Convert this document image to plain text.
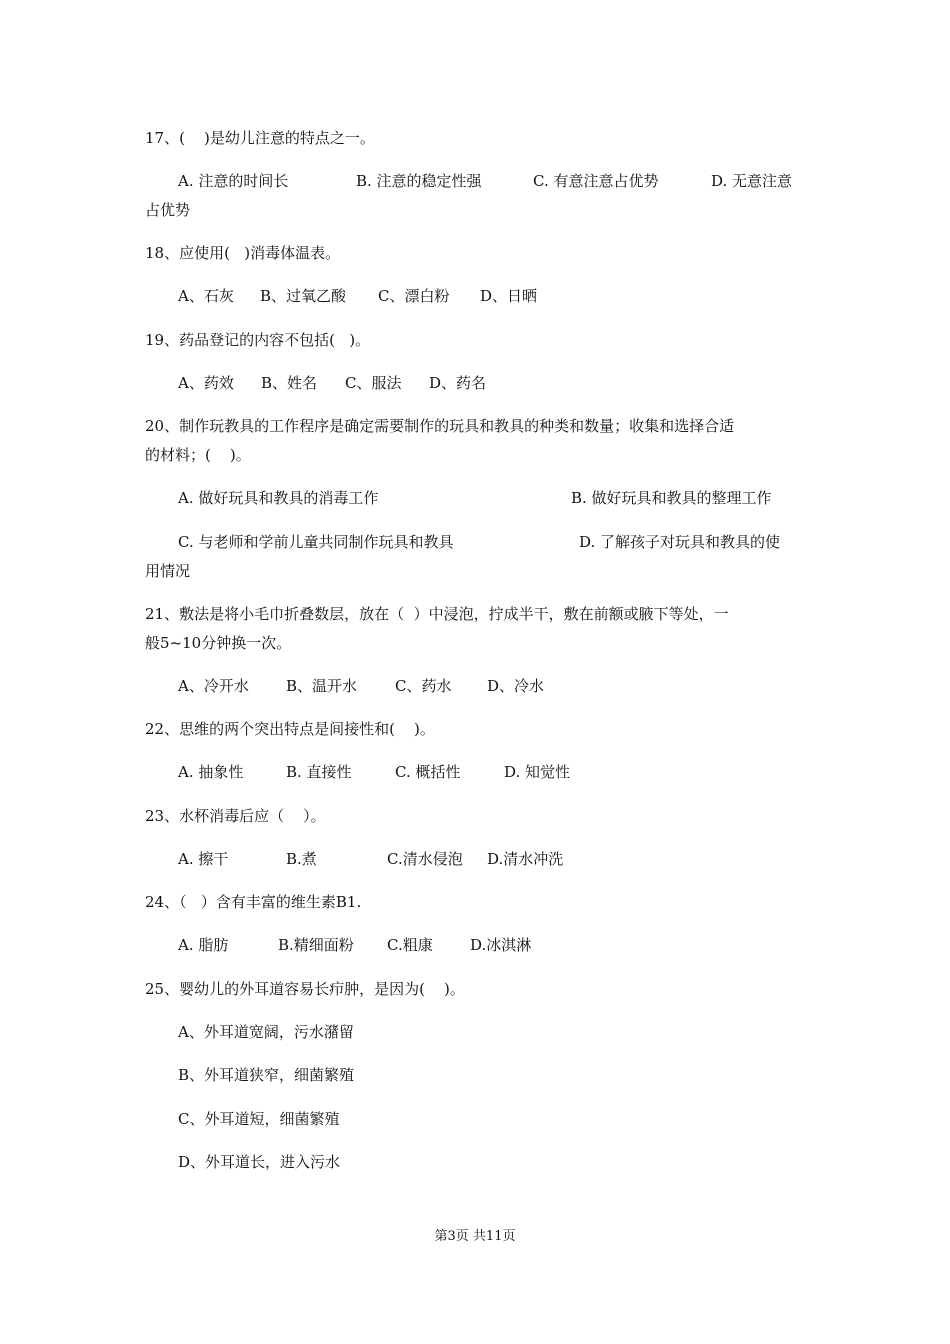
17、(    )是幼儿注意的特点之一。
A. 注意的时间长	B. 注意的稳定性强	C. 有意注意占优势	D. 无意注意
占优势
18、应使用(   )消毒体温表。
A、石灰 B、过氧乙酸 C、漂白粉 D、日晒
19、药品登记的内容不包括(   )。
A、药效 B、姓名 C、服法 D、药名
20、制作玩教具的工作程序是确定需要制作的玩具和教具的种类和数量；收集和选择合适
的材料；(    )。
A. 做好玩具和教具的消毒工作	B. 做好玩具和教具的整理工作
C. 与老师和学前儿童共同制作玩具和教具	D. 了解孩子对玩具和教具的使
用情况
21、敷法是将小毛巾折叠数层，放在（  ）中浸泡，拧成半干，敷在前额或腋下等处，一
般5~10分钟换一次。
A、冷开水 B、温开水	C、药水 D、冷水
22、思维的两个突出特点是间接性和(    )。
A. 抽象性	B. 直接性	C. 概括性	D. 知觉性
23、水杯消毒后应（    ）。
A. 擦干	B.煮	C.清水侵泡 D.清水冲洗
24、（   ）含有丰富的维生素B1.
A. 脂肪	B.精细面粉 C.粗康 D.冰淇淋
25、婴幼儿的外耳道容易长疖肿，是因为(    )。
A、外耳道宽阔，污水潴留
B、外耳道狭窄，细菌繁殖
C、外耳道短，细菌繁殖
D、外耳道长，进入污水
第3页 共11页
